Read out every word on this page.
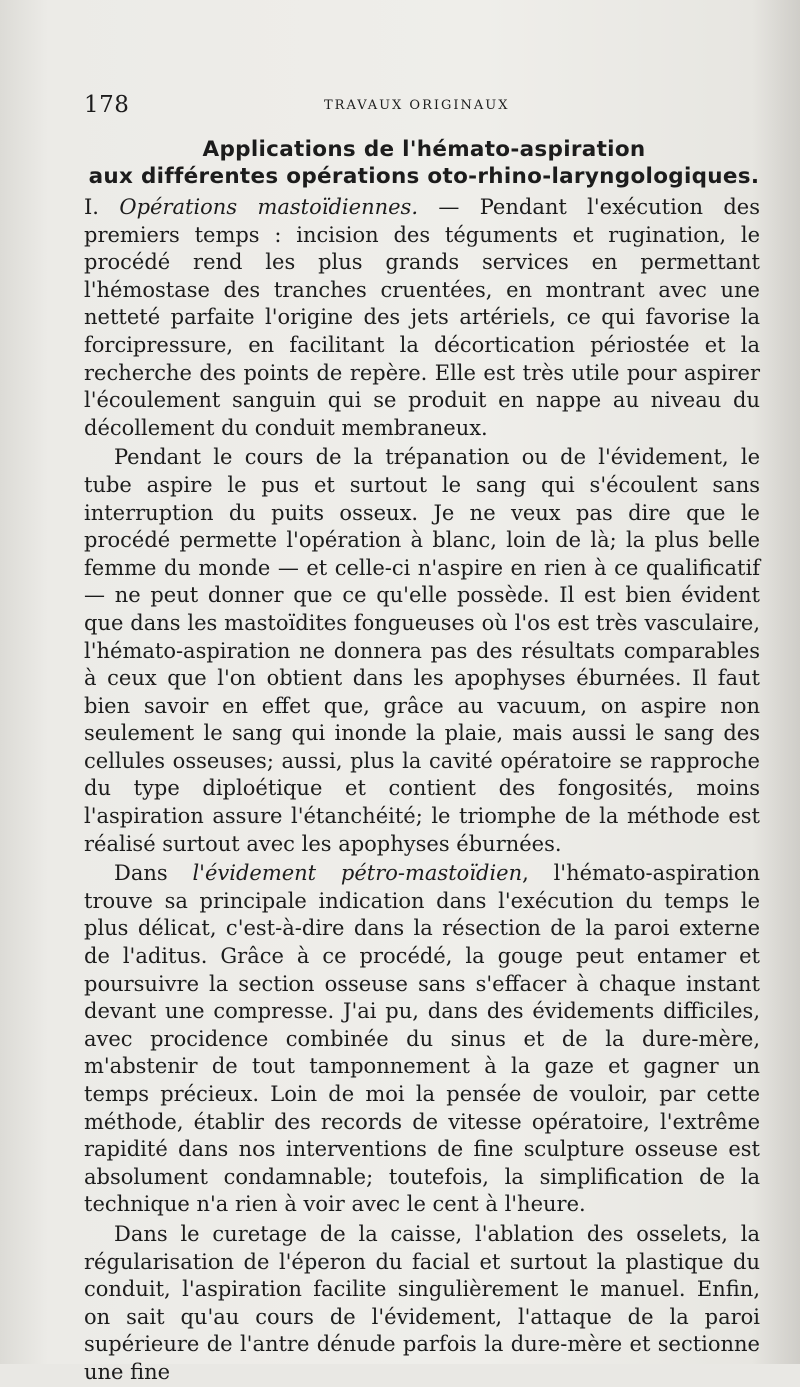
178	TRAVAUX ORIGINAUX
Applications de l'hémato-aspiration
aux différentes opérations oto-rhino-laryngologiques.

I. Opérations mastoïdiennes. — Pendant l'exécution des premiers temps : incision des téguments et rugination, le procédé rend les plus grands services en permettant l'hémostase des tranches cruentées, en montrant avec une netteté parfaite l'origine des jets artériels, ce qui favorise la forcipressure, en facilitant la décortication périostée et la recherche des points de repère. Elle est très utile pour aspirer l'écoulement sanguin qui se produit en nappe au niveau du décollement du conduit membraneux.

Pendant le cours de la trépanation ou de l'évidement, le tube aspire le pus et surtout le sang qui s'écoulent sans interruption du puits osseux. Je ne veux pas dire que le procédé permette l'opération à blanc, loin de là; la plus belle femme du monde — et celle-ci n'aspire en rien à ce qualificatif — ne peut donner que ce qu'elle possède. Il est bien évident que dans les mastoïdites fongueuses où l'os est très vasculaire, l'hémato-aspiration ne donnera pas des résultats comparables à ceux que l'on obtient dans les apophyses éburnées. Il faut bien savoir en effet que, grâce au vacuum, on aspire non seulement le sang qui inonde la plaie, mais aussi le sang des cellules osseuses; aussi, plus la cavité opératoire se rapproche du type diploétique et contient des fongosités, moins l'aspiration assure l'étanchéité; le triomphe de la méthode est réalisé surtout avec les apophyses éburnées.

Dans l'évidement pétro-mastoïdien, l'hémato-aspiration trouve sa principale indication dans l'exécution du temps le plus délicat, c'est-à-dire dans la résection de la paroi externe de l'aditus. Grâce à ce procédé, la gouge peut entamer et poursuivre la section osseuse sans s'effacer à chaque instant devant une compresse. J'ai pu, dans des évidements difficiles, avec procidence combinée du sinus et de la dure-mère, m'abstenir de tout tamponnement à la gaze et gagner un temps précieux. Loin de moi la pensée de vouloir, par cette méthode, établir des records de vitesse opératoire, l'extrême rapidité dans nos interventions de fine sculpture osseuse est absolument condamnable; toutefois, la simplification de la technique n'a rien à voir avec le cent à l'heure.

Dans le curetage de la caisse, l'ablation des osselets, la régularisation de l'éperon du facial et surtout la plastique du conduit, l'aspiration facilite singulièrement le manuel. Enfin, on sait qu'au cours de l'évidement, l'attaque de la paroi supérieure de l'antre dénude parfois la dure-mère et sectionne une fine
